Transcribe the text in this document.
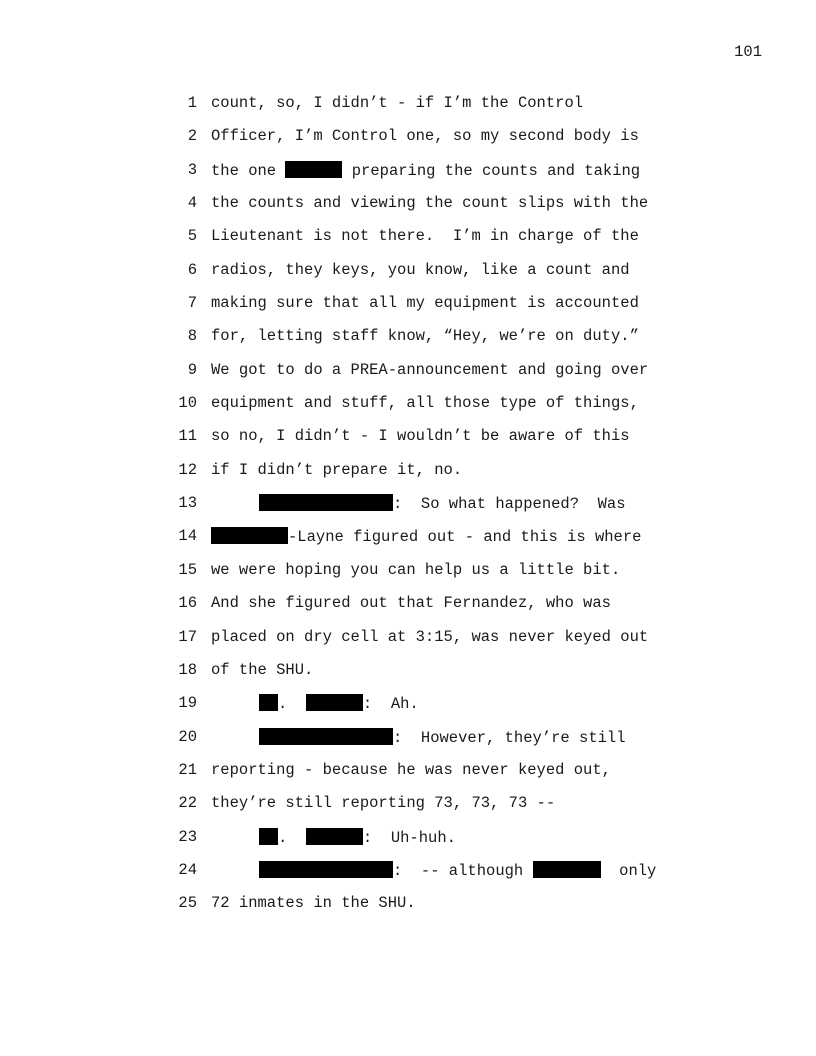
101

1

count, so, I didn’t - if I’m the Control

2

Officer, I’m Control one, so my second body is

3

the one	preparing the counts and taking

4

the counts and viewing the count slips with the

5

Lieutenant is not there.  I’m in charge of the

6

radios, they keys, you know, like a count and

7

making sure that all my equipment is accounted

8

for, letting staff know, “Hey, we’re on duty.”

9

We got to do a PREA-announcement and going over

10

equipment and stuff, all those type of things,

11

so no, I didn’t - I wouldn’t be aware of this

12

if I didn’t prepare it, no.

13

	:  So what happened?  Was

14

	-Layne figured out - and this is where

15

we were hoping you can help us a little bit.

16

And she figured out that Fernandez, who was

17

placed on dry cell at 3:15, was never keyed out

18

of the SHU.

19

	.	:  Ah.

20

	:  However, they’re still

21

reporting - because he was never keyed out,

22

they’re still reporting 73, 73, 73 --

23

	.	:  Uh-huh.

24

	:  -- although	only

25

72 inmates in the SHU.
